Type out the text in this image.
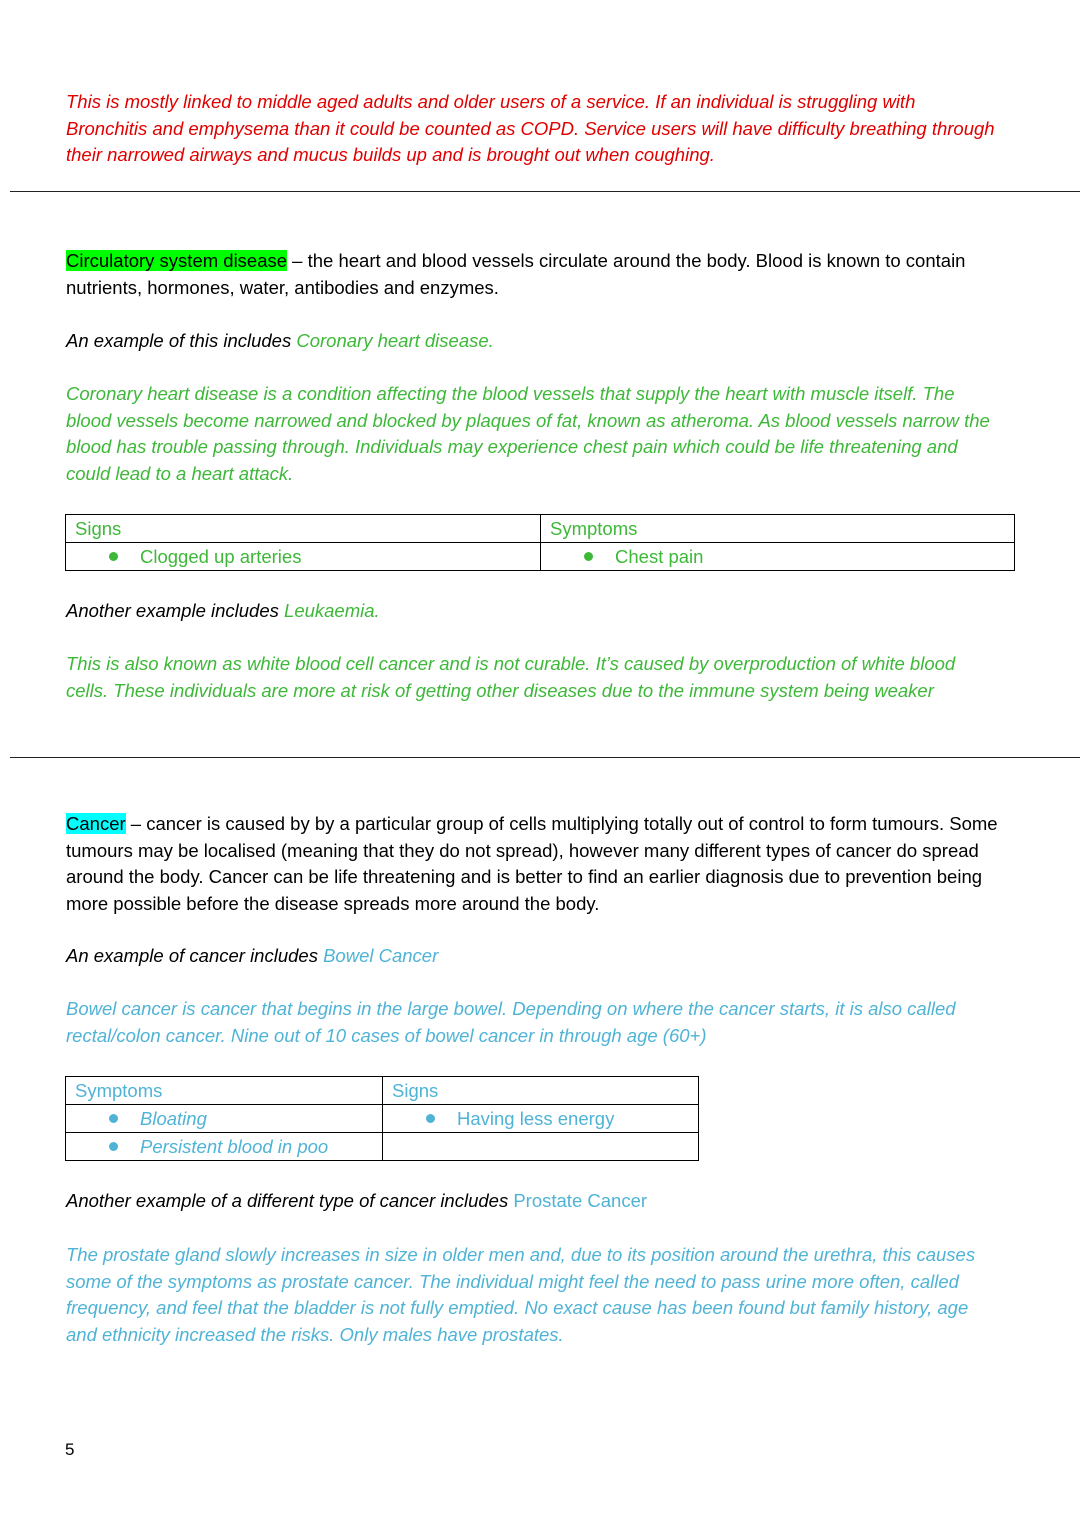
This is mostly linked to middle aged adults and older users of a service. If an individual is struggling with Bronchitis and emphysema than it could be counted as COPD. Service users will have difficulty breathing through their narrowed airways and mucus builds up and is brought out when coughing.

Circulatory system disease – the heart and blood vessels circulate around the body. Blood is known to contain nutrients, hormones, water, antibodies and enzymes.

An example of this includes Coronary heart disease.

Coronary heart disease is a condition affecting the blood vessels that supply the heart with muscle itself. The blood vessels become narrowed and blocked by plaques of fat, known as atheroma. As blood vessels narrow the blood has trouble passing through. Individuals may experience chest pain which could be life threatening and could lead to a heart attack.

Signs	Symptoms
Clogged up arteries	Chest pain

Another example includes Leukaemia.

This is also known as white blood cell cancer and is not curable. It’s caused by overproduction of white blood cells. These individuals are more at risk of getting other diseases due to the immune system being weaker

Cancer – cancer is caused by by a particular group of cells multiplying totally out of control to form tumours. Some tumours may be localised (meaning that they do not spread), however many different types of cancer do spread around the body. Cancer can be life threatening and is better to find an earlier diagnosis due to prevention being more possible before the disease spreads more around the body.

An example of cancer includes Bowel Cancer

Bowel cancer is cancer that begins in the large bowel. Depending on where the cancer starts, it is also called rectal/colon cancer. Nine out of 10 cases of bowel cancer in through age (60+)

Symptoms	Signs
Bloating	Having less energy
Persistent blood in poo	

Another example of a different type of cancer includes Prostate Cancer

The prostate gland slowly increases in size in older men and, due to its position around the urethra, this causes some of the symptoms as prostate cancer. The individual might feel the need to pass urine more often, called frequency, and feel that the bladder is not fully emptied. No exact cause has been found but family history, age and ethnicity increased the risks. Only males have prostates.

5
